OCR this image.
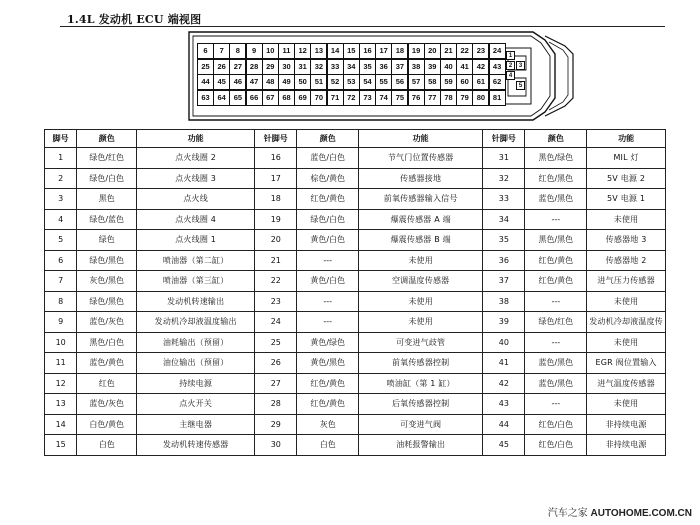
1.4L 发动机 ECU 端视图
6	7	8	9	10	11	12	13	14	15	16	17	18	19	20	21	22	23	24
25	26	27	28	29	30	31	32	33	34	35	36	37	38	39	40	41	42	43
44	45	46	47	48	49	50	51	52	53	54	55	56	57	58	59	60	61	62
63	64	65	66	67	68	69	70	71	72	73	74	75	76	77	78	79	80	81
1
2	3
4
5
脚号	颜色	功能	针脚号	颜色	功能	针脚号	颜色	功能
1	绿色/红色	点火线圈 2	16	蓝色/白色	节气门位置传感器	31	黑色/绿色	MIL 灯
2	绿色/白色	点火线圈 3	17	棕色/黄色	传感器接地	32	红色/黑色	5V 电源 2
3	黑色	点火线	18	红色/黄色	前氧传感器输入信号	33	蓝色/黑色	5V 电源 1
4	绿色/蓝色	点火线圈 4	19	绿色/白色	爆震传感器 A 端	34	---	未使用
5	绿色	点火线圈 1	20	黄色/白色	爆震传感器 B 端	35	黑色/黑色	传感器地 3
6	绿色/黑色	喷油器（第二缸）	21	---	未使用	36	红色/黄色	传感器地 2
7	灰色/黑色	喷油器（第三缸）	22	黄色/白色	空调温度传感器	37	红色/黄色	进气压力传感器
8	绿色/黑色	发动机转速输出	23	---	未使用	38	---	未使用
9	蓝色/灰色	发动机冷却液温度输出	24	---	未使用	39	绿色/红色	发动机冷却液温度传
10	黑色/白色	油耗输出（预留）	25	黄色/绿色	可变进气歧管	40	---	未使用
11	蓝色/黄色	油位输出（预留）	26	黄色/黑色	前氧传感器控制	41	蓝色/黑色	EGR 阀位置输入
12	红色	持续电源	27	红色/黄色	喷油缸（第 1 缸）	42	蓝色/黑色	进气温度传感器
13	蓝色/灰色	点火开关	28	红色/黄色	后氧传感器控制	43	---	未使用
14	白色/黄色	主继电器	29	灰色	可变进气阀	44	红色/白色	非持续电源
15	白色	发动机转速传感器	30	白色	油耗报警输出	45	红色/白色	非持续电源
汽车之家 AUTOHOME.COM.CN
